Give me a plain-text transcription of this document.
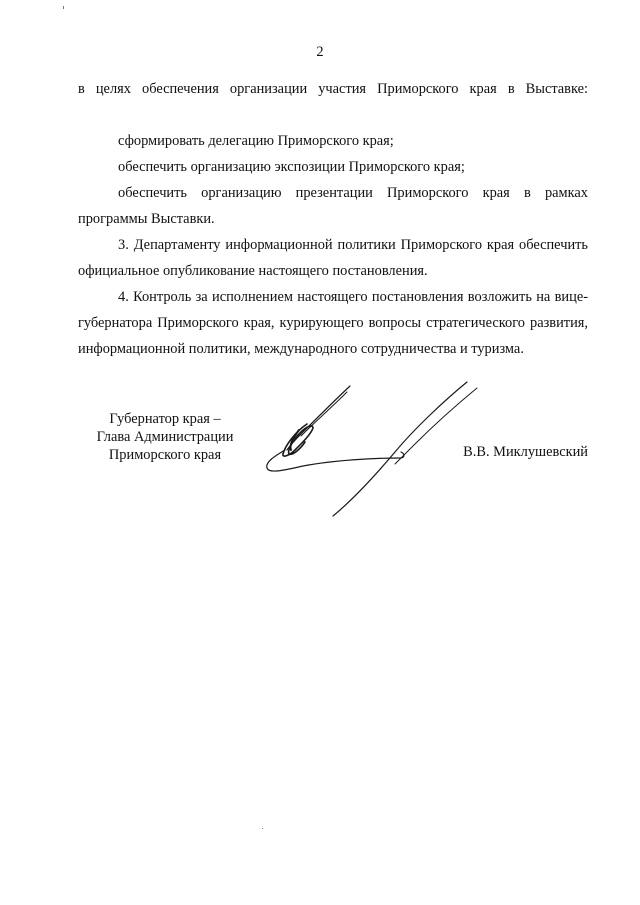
2

в целях обеспечения организации участия Приморского края в Выставке:

сформировать делегацию Приморского края;

обеспечить организацию экспозиции Приморского края;

обеспечить организацию презентации Приморского края в рамках программы Выставки.

3. Департаменту информационной политики Приморского края обеспечить официальное опубликование настоящего постановления.

4. Контроль за исполнением настоящего постановления возложить на вице-губернатора Приморского края, курирующего вопросы стратегического развития, информационной политики, международного сотрудничества и туризма.

Губернатор края –
Глава Администрации
Приморского края	В.В. Миклушевский
